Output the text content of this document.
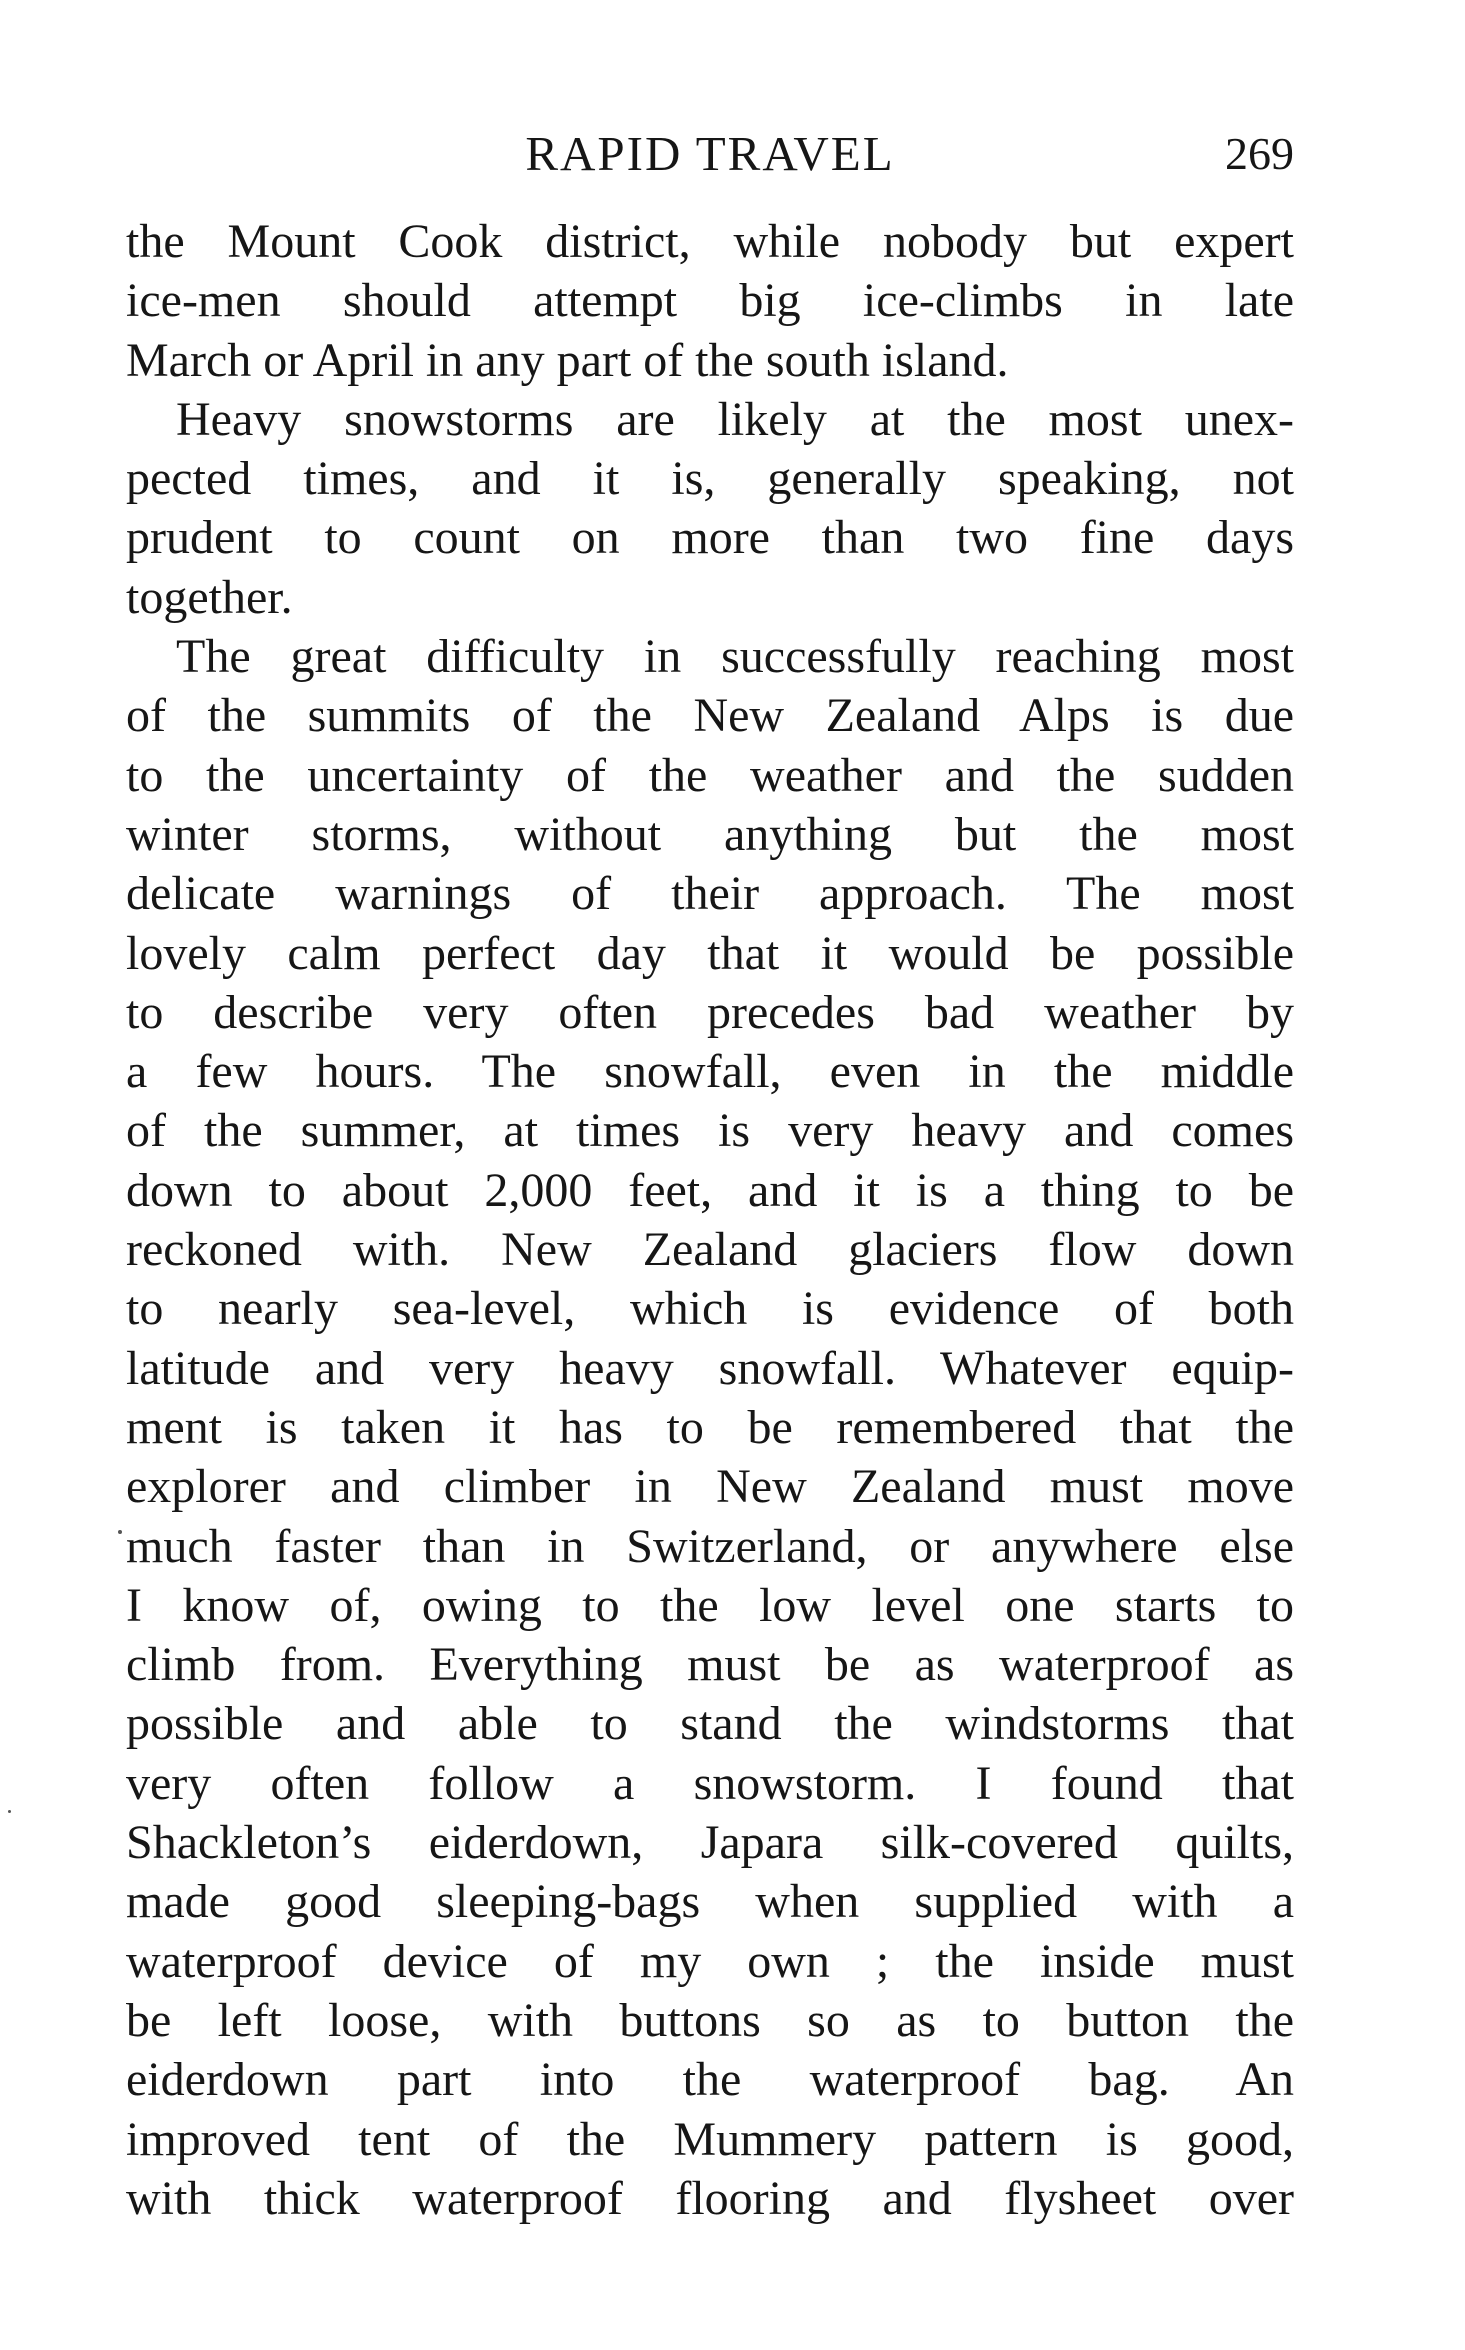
RAPID TRAVEL	269
the Mount Cook district, while nobody but expert
ice-men should attempt big ice-climbs in late
March or April in any part of the south island.
Heavy snowstorms are likely at the most unex-
pected times, and it is, generally speaking, not
prudent to count on more than two fine days
together.
The great difficulty in successfully reaching most
of the summits of the New Zealand Alps is due
to the uncertainty of the weather and the sudden
winter storms, without anything but the most
delicate warnings of their approach. The most
lovely calm perfect day that it would be possible
to describe very often precedes bad weather by
a few hours. The snowfall, even in the middle
of the summer, at times is very heavy and comes
down to about 2,000 feet, and it is a thing to be
reckoned with. New Zealand glaciers flow down
to nearly sea-level, which is evidence of both
latitude and very heavy snowfall. Whatever equip-
ment is taken it has to be remembered that the
explorer and climber in New Zealand must move
much faster than in Switzerland, or anywhere else
I know of, owing to the low level one starts to
climb from. Everything must be as waterproof as
possible and able to stand the windstorms that
very often follow a snowstorm. I found that
Shackleton’s eiderdown, Japara silk-covered quilts,
made good sleeping-bags when supplied with a
waterproof device of my own ; the inside must
be left loose, with buttons so as to button the
eiderdown part into the waterproof bag. An
improved tent of the Mummery pattern is good,
with thick waterproof flooring and flysheet over
